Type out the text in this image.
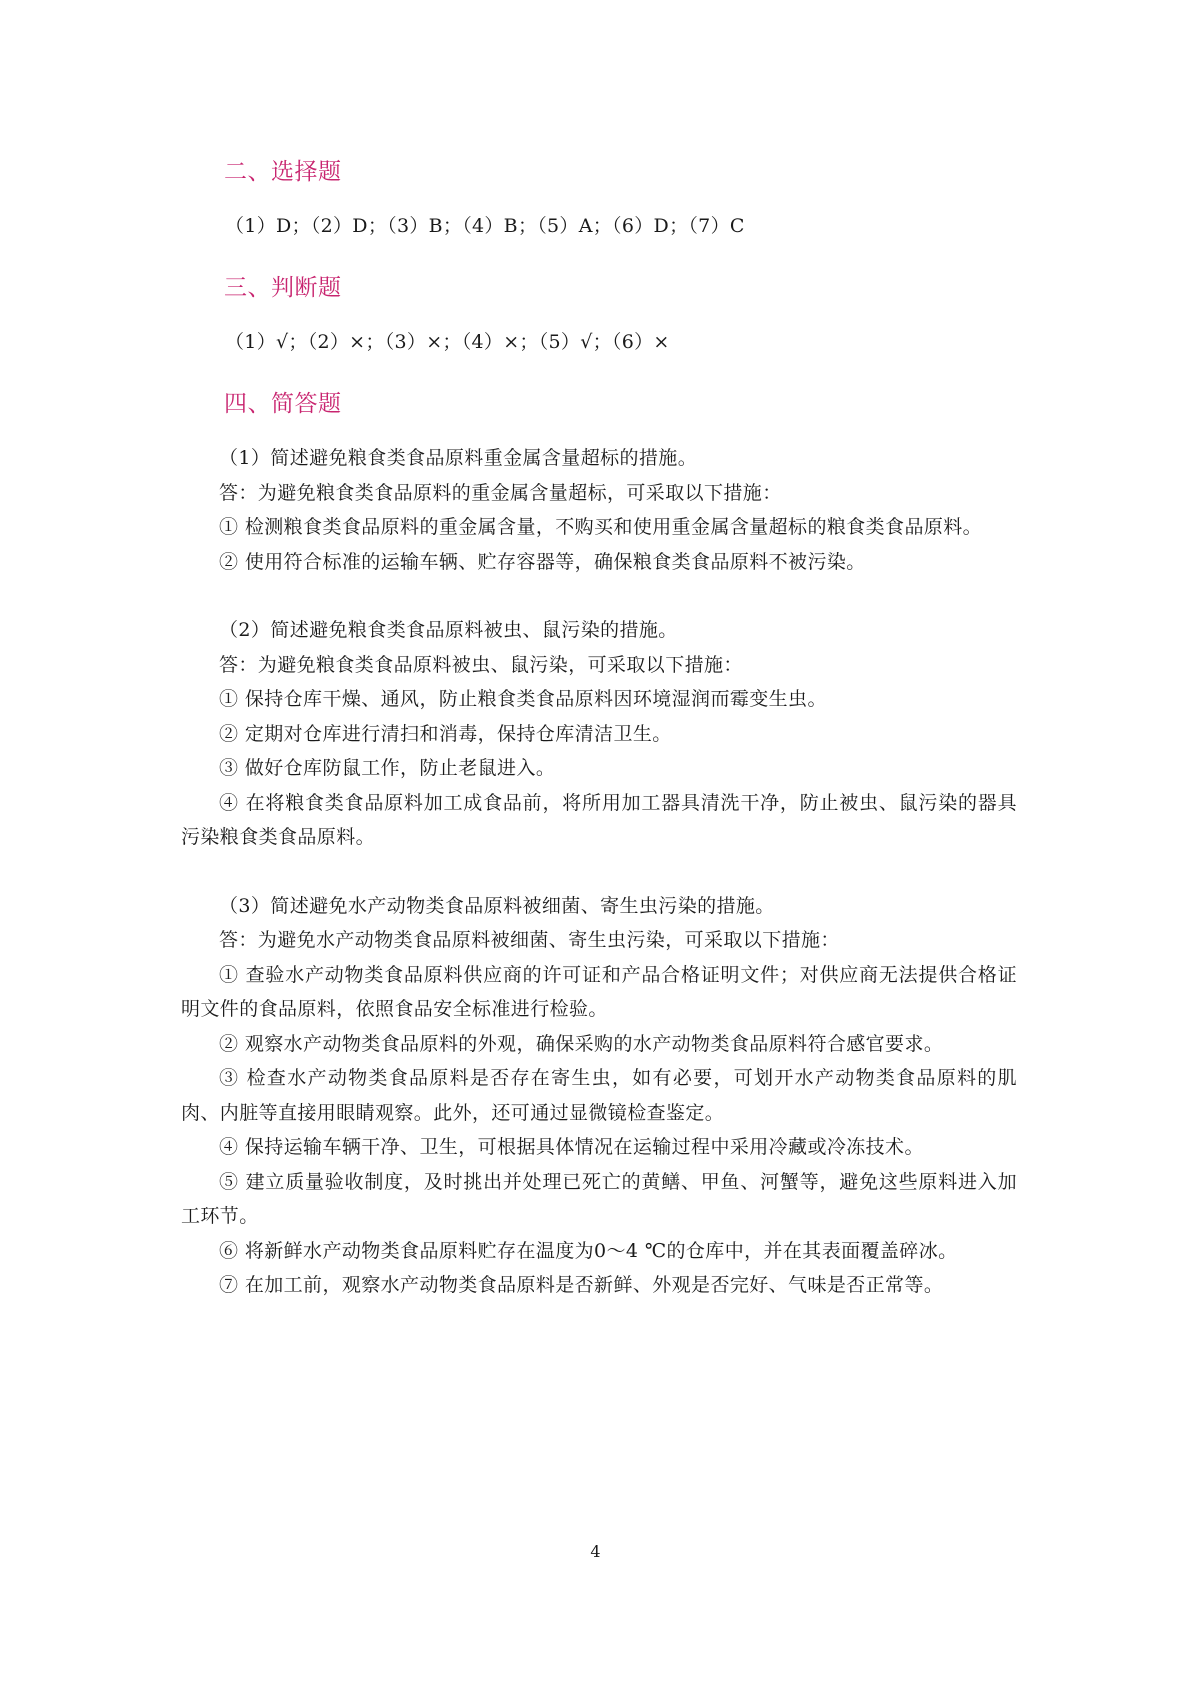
二、选择题
（1）D；（2）D；（3）B；（4）B；（5）A；（6）D；（7）C
三、判断题
（1）√；（2）×；（3）×；（4）×；（5）√；（6）×
四、简答题

（1）简述避免粮食类食品原料重金属含量超标的措施。

答：为避免粮食类食品原料的重金属含量超标，可采取以下措施：

① 检测粮食类食品原料的重金属含量，不购买和使用重金属含量超标的粮食类食品原料。

② 使用符合标准的运输车辆、贮存容器等，确保粮食类食品原料不被污染。

（2）简述避免粮食类食品原料被虫、鼠污染的措施。

答：为避免粮食类食品原料被虫、鼠污染，可采取以下措施：

① 保持仓库干燥、通风，防止粮食类食品原料因环境湿润而霉变生虫。

② 定期对仓库进行清扫和消毒，保持仓库清洁卫生。

③ 做好仓库防鼠工作，防止老鼠进入。

④ 在将粮食类食品原料加工成食品前，将所用加工器具清洗干净，防止被虫、鼠污染的器具污染粮食类食品原料。

（3）简述避免水产动物类食品原料被细菌、寄生虫污染的措施。

答：为避免水产动物类食品原料被细菌、寄生虫污染，可采取以下措施：

① 查验水产动物类食品原料供应商的许可证和产品合格证明文件；对供应商无法提供合格证明文件的食品原料，依照食品安全标准进行检验。

② 观察水产动物类食品原料的外观，确保采购的水产动物类食品原料符合感官要求。

③ 检查水产动物类食品原料是否存在寄生虫，如有必要，可划开水产动物类食品原料的肌肉、内脏等直接用眼睛观察。此外，还可通过显微镜检查鉴定。

④ 保持运输车辆干净、卫生，可根据具体情况在运输过程中采用冷藏或冷冻技术。

⑤ 建立质量验收制度，及时挑出并处理已死亡的黄鳝、甲鱼、河蟹等，避免这些原料进入加工环节。

⑥ 将新鲜水产动物类食品原料贮存在温度为0～4 ℃的仓库中，并在其表面覆盖碎冰。

⑦ 在加工前，观察水产动物类食品原料是否新鲜、外观是否完好、气味是否正常等。

4
